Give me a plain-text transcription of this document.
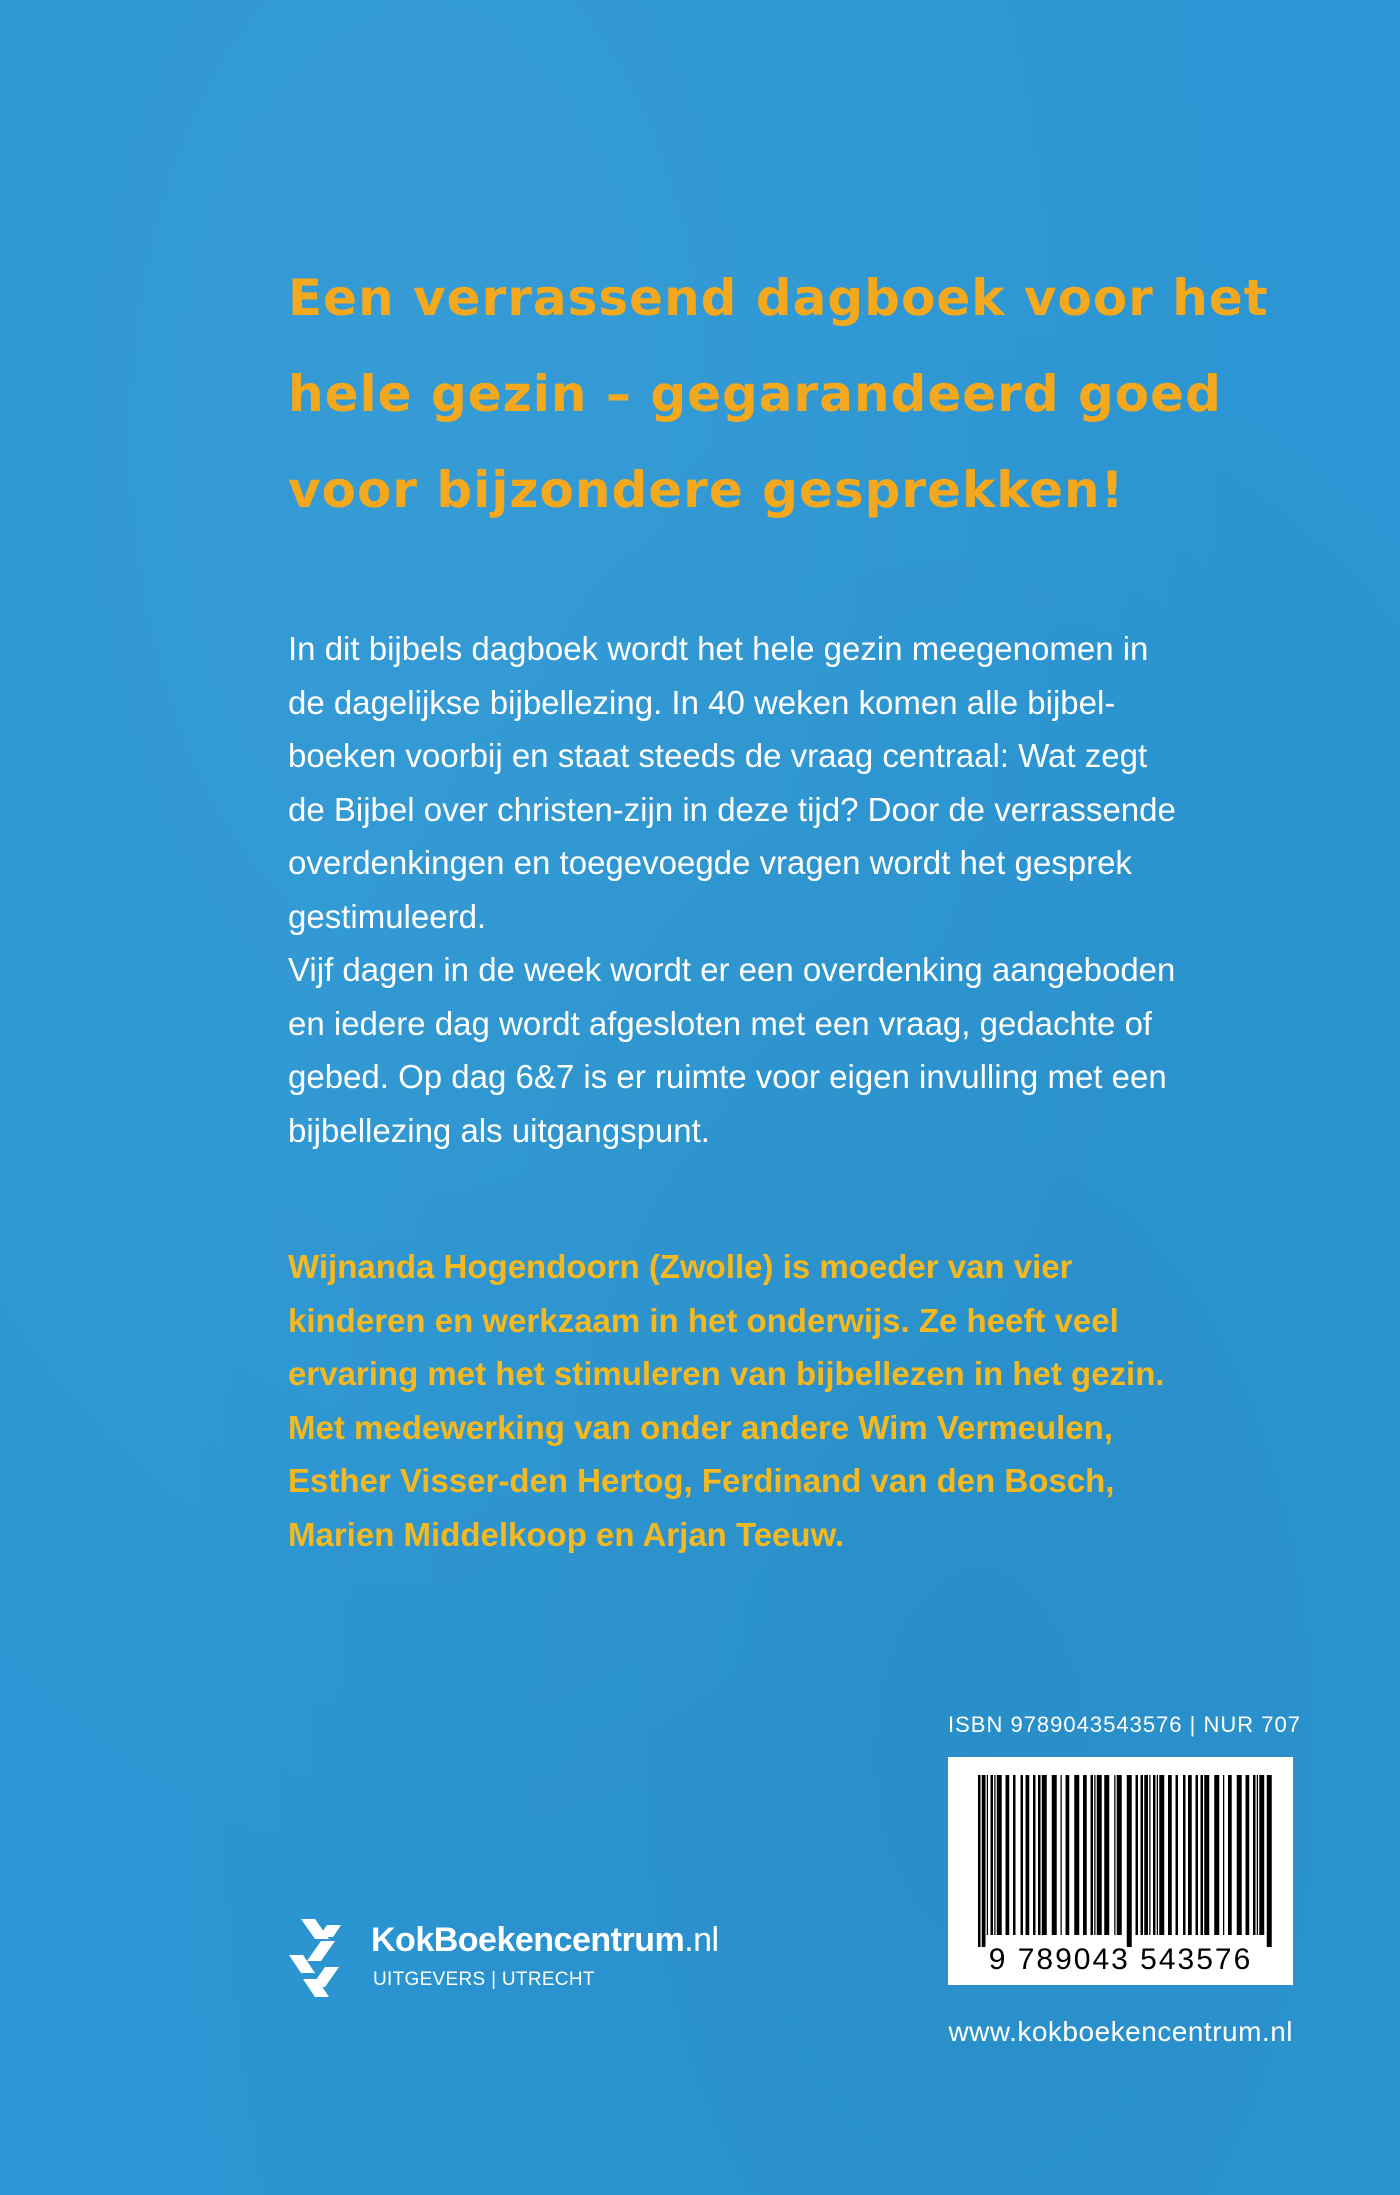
Een verrassend dagboek voor het
hele gezin – gegarandeerd goed
voor bijzondere gesprekken!
In dit bijbels dagboek wordt het hele gezin meegenomen in
de dagelijkse bijbellezing. In 40 weken komen alle bijbel-
boeken voorbij en staat steeds de vraag centraal: Wat zegt
de Bijbel over christen-zijn in deze tijd? Door de verrassende
overdenkingen en toegevoegde vragen wordt het gesprek
gestimuleerd.
Vijf dagen in de week wordt er een overdenking aangeboden
en iedere dag wordt afgesloten met een vraag, gedachte of
gebed. Op dag 6&7 is er ruimte voor eigen invulling met een
bijbellezing als uitgangspunt.
Wijnanda Hogendoorn (Zwolle) is moeder van vier
kinderen en werkzaam in het onderwijs. Ze heeft veel
ervaring met het stimuleren van bijbellezen in het gezin.
Met medewerking van onder andere Wim Vermeulen,
Esther Visser-den Hertog, Ferdinand van den Bosch,
Marien Middelkoop en Arjan Teeuw.
ISBN 9789043543576 | NUR 707
9 789043 543576
www.kokboekencentrum.nl
KokBoekencentrum.nl
UITGEVERS | UTRECHT
